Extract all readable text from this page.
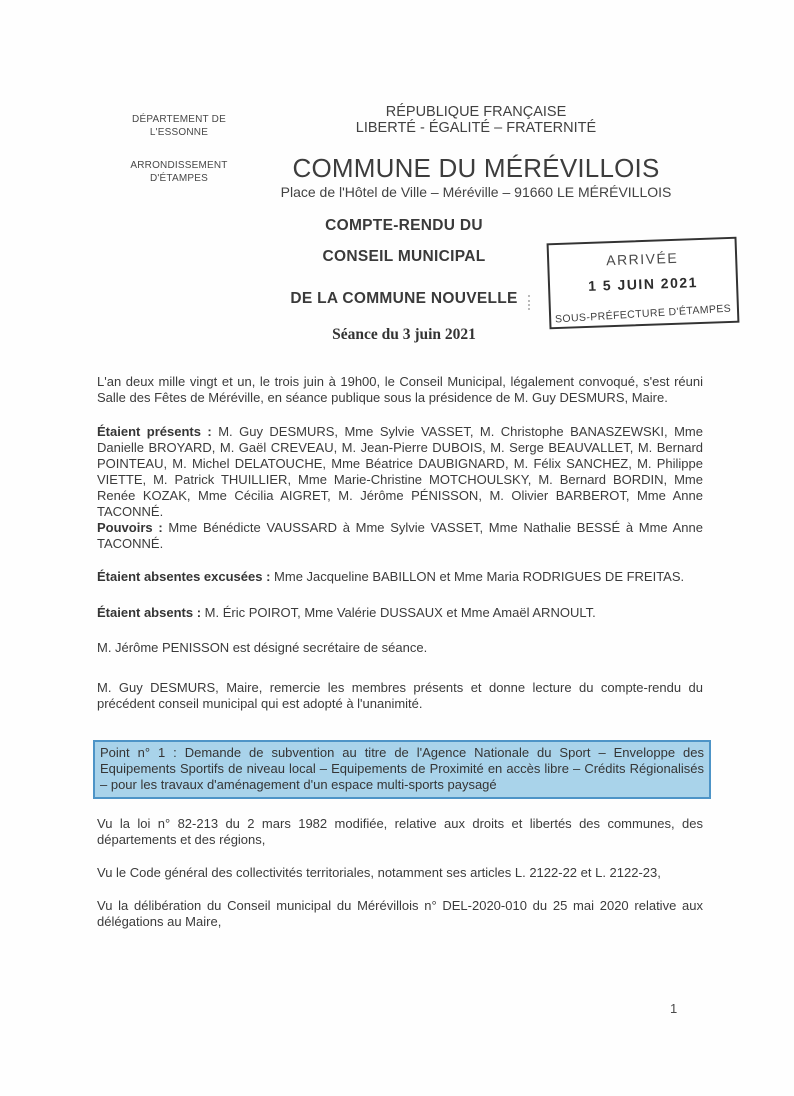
DÉPARTEMENT DE
L'ESSONNE
ARRONDISSEMENT
D'ÉTAMPES
RÉPUBLIQUE FRANÇAISE
LIBERTÉ - ÉGALITÉ – FRATERNITÉ
COMMUNE DU MÉRÉVILLOIS
Place de l'Hôtel de Ville – Méréville – 91660 LE MÉRÉVILLOIS
COMPTE-RENDU DU
CONSEIL MUNICIPAL
DE LA COMMUNE NOUVELLE
Séance du 3 juin 2021
ARRIVÉE
1 5 JUIN 2021
SOUS-PRÉFECTURE D'ÉTAMPES

L'an deux mille vingt et un, le trois juin à 19h00, le Conseil Municipal, légalement convoqué, s'est réuni Salle des Fêtes de Méréville, en séance publique sous la présidence de M. Guy DESMURS, Maire.

Étaient présents : M. Guy DESMURS, Mme Sylvie VASSET, M. Christophe BANASZEWSKI, Mme Danielle BROYARD, M. Gaël CREVEAU, M. Jean-Pierre DUBOIS, M. Serge BEAUVALLET, M. Bernard POINTEAU, M. Michel DELATOUCHE, Mme Béatrice DAUBIGNARD, M. Félix SANCHEZ, M. Philippe VIETTE, M. Patrick THUILLIER, Mme Marie-Christine MOTCHOULSKY, M. Bernard BORDIN, Mme Renée KOZAK, Mme Cécilia AIGRET, M. Jérôme PÉNISSON, M. Olivier BARBEROT, Mme Anne TACONNÉ.

Pouvoirs : Mme Bénédicte VAUSSARD à Mme Sylvie VASSET, Mme Nathalie BESSÉ à Mme Anne TACONNÉ.

Étaient absentes excusées : Mme Jacqueline BABILLON et Mme Maria RODRIGUES DE FREITAS.

Étaient absents : M. Éric POIROT, Mme Valérie DUSSAUX et Mme Amaël ARNOULT.

M. Jérôme PENISSON est désigné secrétaire de séance.

M. Guy DESMURS, Maire, remercie les membres présents et donne lecture du compte-rendu du précédent conseil municipal qui est adopté à l'unanimité.

Point n° 1 : Demande de subvention au titre de l'Agence Nationale du Sport – Enveloppe des Equipements Sportifs de niveau local – Equipements de Proximité en accès libre – Crédits Régionalisés – pour les travaux d'aménagement d'un espace multi-sports paysagé

Vu la loi n° 82-213 du 2 mars 1982 modifiée, relative aux droits et libertés des communes, des départements et des régions,

Vu le Code général des collectivités territoriales, notamment ses articles L. 2122-22 et L. 2122-23,

Vu la délibération du Conseil municipal du Mérévillois n° DEL-2020-010 du 25 mai 2020 relative aux délégations au Maire,

1
